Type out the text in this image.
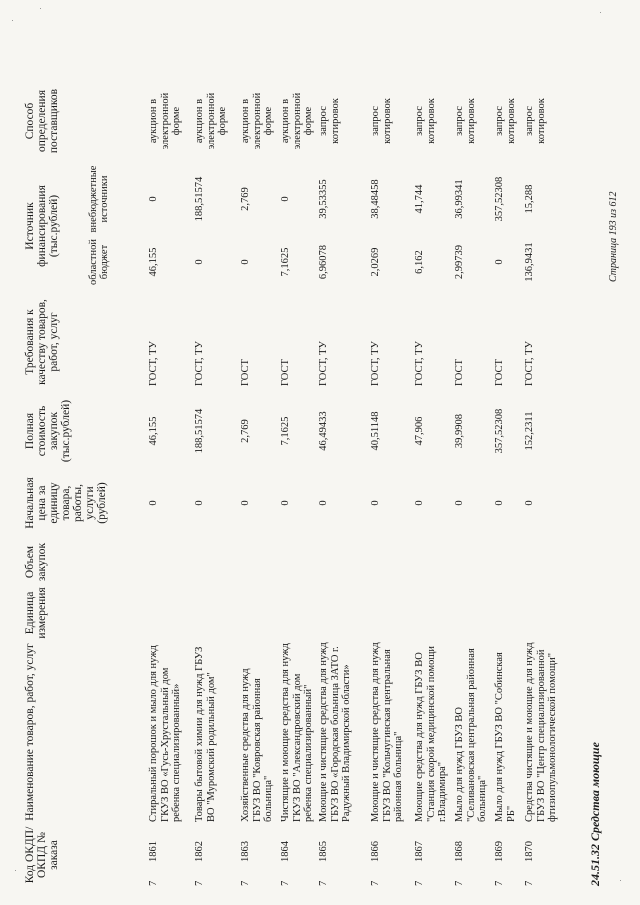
Код ОКДП/ ОКПД № заказа
Наименование товаров, работ, услуг
Единица измерения
Объем закупок
Начальная цена за единицу товара, работы, услуги (рублей)
Полная стоимость закупок (тыс.рублей)
Требования к качеству товаров, работ, услуг
Источник финансирования (тыс.рублей)
областной бюджет
внебюджетные источники
Способ определения поставщиков
7
1861
Стиральный порошок и мыло для нужд ГКУЗ ВО «Гусь-Хрустальный дом ребенка специализированный»
0
46,155
ГОСТ, ТУ
46,155
0
аукцион в электронной форме
7
1862
Товары бытовой химии для нужд ГБУЗ ВО "Муромский родильный дом"
0
188,51574
ГОСТ, ТУ
0
188,51574
аукцион в электронной форме
7
1863
Хозяйственные средства для нужд ГБУЗ ВО "Ковровская районная больница"
0
2,769
ГОСТ
0
2,769
аукцион в электронной форме
7
1864
Чистящие и моющие средства для нужд ГКУЗ ВО "Александровский дом ребенка специализированный"
0
7,1625
ГОСТ
7,1625
0
аукцион в электронной форме
7
1865
Моющие и чистящие средства для нужд ГБУЗ ВО «Городская больница ЗАТО г. Радужный Владимирской области»
0
46,49433
ГОСТ, ТУ
6,96078
39,53355
запрос котировок
7
1866
Моющие и чистящие средства для нужд ГБУЗ ВО "Кольчугинская центральная районная больница"
0
40,51148
ГОСТ, ТУ
2,0269
38,48458
запрос котировок
7
1867
Моющие средства для нужд ГБУЗ ВО "Станция скорой медицинской помощи г.Владимира"
0
47,906
ГОСТ, ТУ
6,162
41,744
запрос котировок
7
1868
Мыло для нужд ГБУЗ ВО "Селивановская центральная районная больница"
0
39,9908
ГОСТ
2,99739
36,99341
запрос котировок
7
1869
Мыло для нужд ГБУЗ ВО "Собинская РБ"
0
357,52308
ГОСТ
0
357,52308
запрос котировок
7
1870
Средства чистящие и моющие для нужд ГБУЗ ВО "Центр специализированной фтизиопульмонологической помощи"
0
152,2311
ГОСТ, ТУ
136,9431
15,288
запрос котировок
24.51.32 Средства моющие
Страница 193 из 612
